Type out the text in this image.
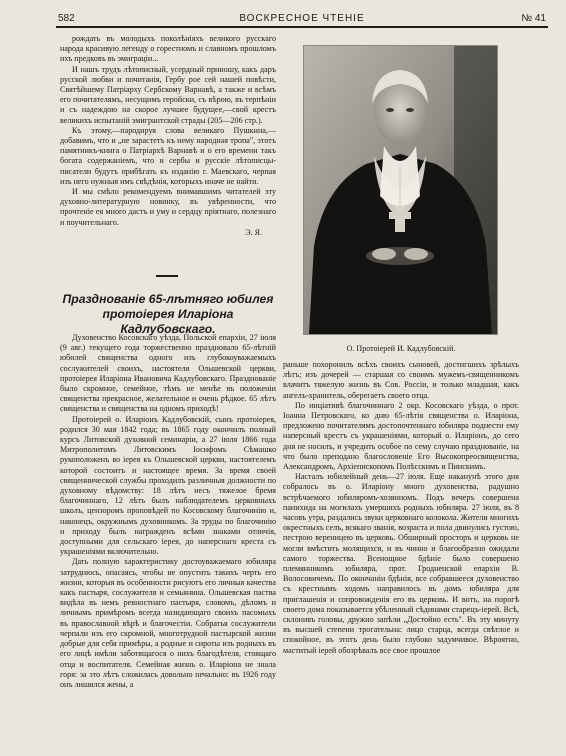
582	ВОСКРЕСНОЕ ЧТЕНІЕ	№ 41

рождать въ молодыхъ поколѣніяхъ великого русскаго народа красивую легенду о горестномъ и славномъ прошломъ ихъ предковъ въ эмиграціи...

И нашъ трудъ лѣтописный, усердный приношу, какъ даръ русской любви и почитанія, Гербу рое сей нашей повѣсти, Святѣйшему Патріарху Сербскому Варнавѣ, а также и всѣмъ его почитателямъ, несущимъ геройски, съ вѣрою, въ терпѣніи и съ надеждою на скорое лучшее будущее,—свой крестъ великихъ испытаній эмигрантской страды (205—206 стр.).

Къ этому,—пародируя слова великаго Пушкина,—добавимъ, что и „не зарастетъ къ нему народная тропа", этотъ памятникъ-книга о Патріархѣ Варнавѣ и о его времени такъ богата содержаніемъ, что и сербы и русскіе лѣтописцы-писатели будутъ прибѣгать къ изданію г. Маевскаго, черпая изъ него нужныя имъ свѣдѣнія, которыхъ иначе не найти.

И мы смѣло рекомендуемъ внимавшимъ читателей эту духовно-литературную новинку, въ увѣренности, что прочтеніе ея много дастъ и уму и сердцу пріятнаго, полезнаго и поучительнаго.

Э. Я.

Празднованіе 65-лѣтняго юбилея
протоіерея Иларіона Кадлубовскаго.

Духовенство Косовскаго уѣзда, Польской епархіи, 27 іюля (9 авг.) текущего года торжественно праздновало 65-лѣтній юбилей священства одного изъ глубокоуважаемыхъ сослужителей своихъ, настоятеля Ольшевской церкви, протоіерея Иларіона Ивановича Кадлубовскаго. Празднованіе было скромное, семейное, тѣмъ не менѣе въ положеніи священства прекрасное, желательное и очень рѣдкое. 65 лѣтъ священства и священства на одномъ приходѣ!

Протоіерей о. Иларіонъ Кадлубовскій, сынъ протоіерея, родился 30 мая 1842 года; въ 1865 году окончилъ полный курсъ Литовской духовной семинаріи, а 27 іюля 1866 года Митрополитомъ Литовскимъ Іосифомъ Сѣмашко рукоположенъ во іерея къ Ольшевской церкви, настоятелемъ которой состоитъ и настоящее время. За время своей священнической службы проходилъ различныя должности по духовному вѣдомству: 18 лѣтъ несъ тяжелое бремя благочиннаго, 12 лѣтъ былъ наблюдателемъ церковныхъ школъ, цензоромъ проповѣдей по Косовскому благочинію и, наконецъ, окружнымъ духовникомъ. За труды по благочинію и приходу былъ награжденъ всѣми знаками отличія, доступными для сельскаго іерея, до наперснаго креста съ украшеніями включительно.

Дать полную характеристику достоуважаемаго юбиляра затруднюсь, опасаясь, чтобы не опустить такихъ черть его жизни, которыя въ особенности рисуютъ его личныя качества какъ пастыря, сослужителя и семьянина. Ольшевская паства видѣла въ немъ ревностнаго пастыря, словомъ, дѣломъ и личнымъ примѣромъ всегда назидающаго своихъ пасомыхъ въ православной вѣрѣ и благочестіи. Собратья сослужители черпали изъ его скромной, многотрудной пастырской жизни добрые для себя примѣры, а родные и сироты изъ родныхъ въ его лицѣ имѣли заботящагося о нихъ благодѣтеля, стоящаго отца и воспитателя. Семейная жизнь о. Иларіона не знала горя: за это лѣтъ сложилась довольно печально: въ 1926 году онъ лишился жены, а

О. Протоіерей И. Кадлубовскій.

раньше похоронилъ всѣхъ своихъ сыновей, достигшихъ зрѣлыхъ лѣтъ; изъ дочерей — старшая со своимъ мужемъ-священникомъ влачитъ тяжелую жизнь въ Сов. Россіи, и только младшая, какъ ангелъ-хранитель, оберегаетъ своего отца.

По инціативѣ благочиннаго 2 окр. Косовскаго уѣзда, о прот. Іоанна Петровскаго, ко дню 65-лѣтія священства о. Иларіона, предложено почитателямъ достопочтеннаго юбиляра поднести ему наперсный крестъ съ украшеніями, который о. Иларіонъ, до сего дня не носилъ, и учредить особое по сему случаю празднованіе, на что было преподано благословеніе Его Высокопреосвященства, Александромъ, Архіепископомъ Полѣсскимъ и Пинскимъ.

Насталъ юбилейный день—27 іюля. Еще наканунѣ этого дня собралось въ о. Иларіону много духовенства, радушно встрѣчаемого юбиляромъ-хозяиномъ. Подъ вечеръ совершена панихида на могилахъ умершихъ родныхъ юбиляра. 27 іюля, въ 8 часовъ утра, раздались звуки церковнаго колокола. Жители многихъ окрестныхъ селъ, всякаго званія, возраста и пола двинулись густою, пестрою вереницею въ церковь. Обширный просторъ и церковь не могли вмѣстить молящихся, и въ чинно и благообразно ожидали самого торжества. Всенощное бдѣніе было совершено племянникомъ юбиляра, прот. Гродненской епархіи В. Волосовичемъ. По окончаніи бдѣнія, все собравшееся духовенство съ крестнымъ ходомъ направилось въ домъ юбиляра для приглашенія и сопровожденія его въ церковь. И вотъ, на порогѣ своего дома показывается убѣленный сѣдинами старецъ-іерей. Всѣ, склонивъ головы, дружно запѣли „Достойно есть". Въ эту минуту въ высшей степени трогательна: лицо старца, всегда свѣтлое и спокойное, въ этотъ день было глубоко задумчивое. Вѣроятно, маститый іерей обозрѣвалъ все свое прошлое
